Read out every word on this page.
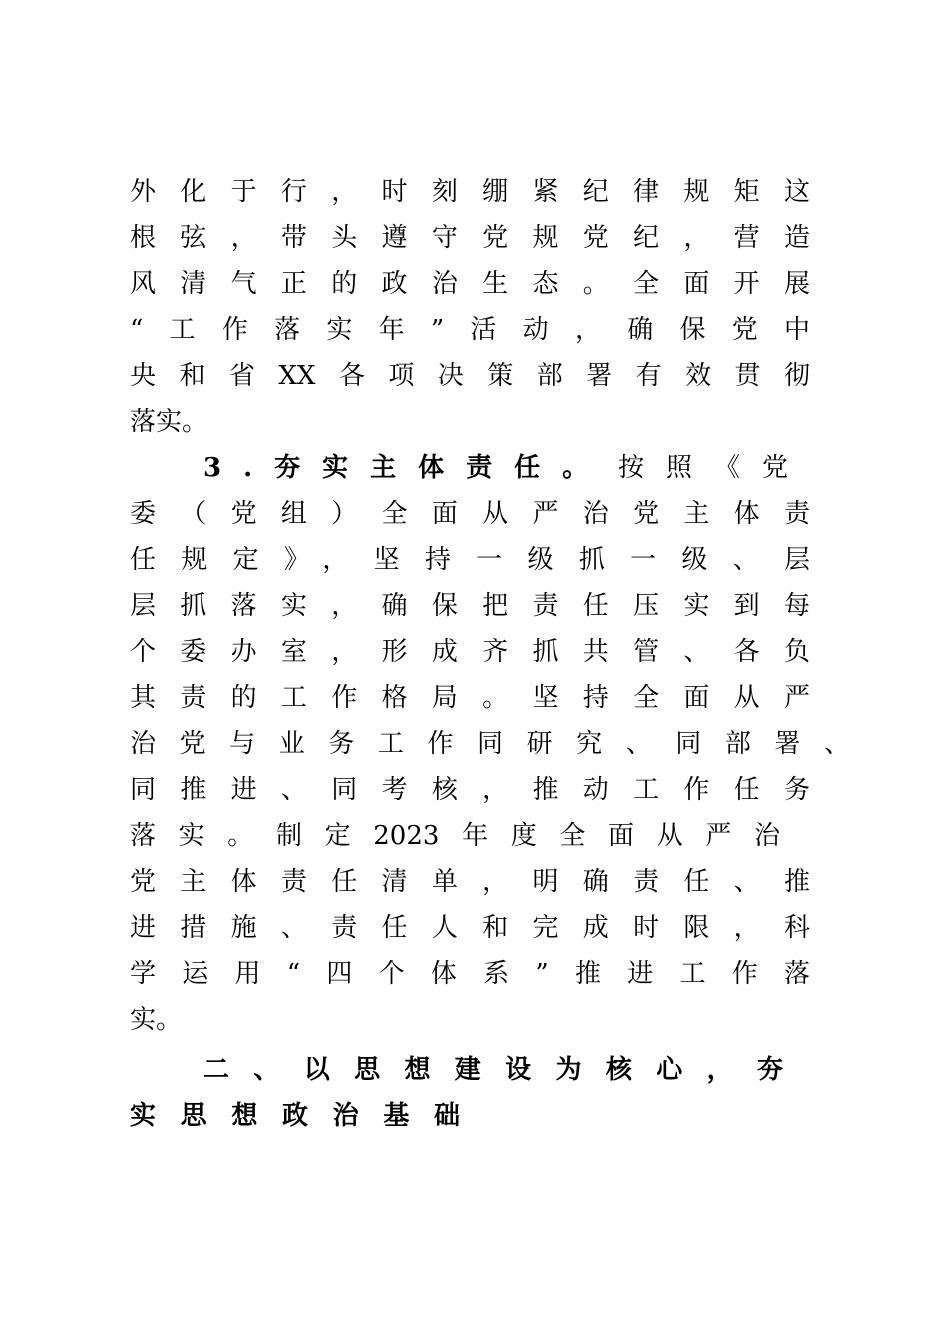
外化于行，时刻绷紧纪律规矩这
根弦，带头遵守党规党纪，营造
风清气正的政治生态。全面开展
“工作落实年”活动，确保党中
央和省XX各项决策部署有效贯彻
落实。
3.夯实主体责任。 按照《党
委（党组）全面从严治党主体责
任规定》，坚持一级抓一级、层
层抓落实，确保把责任压实到每
个委办室，形成齐抓共管、各负
其责的工作格局。坚持全面从严
治党与业务工作同研究、同部署、
同推进、同考核，推动工作任务
落实。制定2023年度全面从严治
党主体责任清单，明确责任、推
进措施、责任人和完成时限，科
学运用“四个体系”推进工作落
实。
二、以思想建设为核心，夯
实思想政治基础
